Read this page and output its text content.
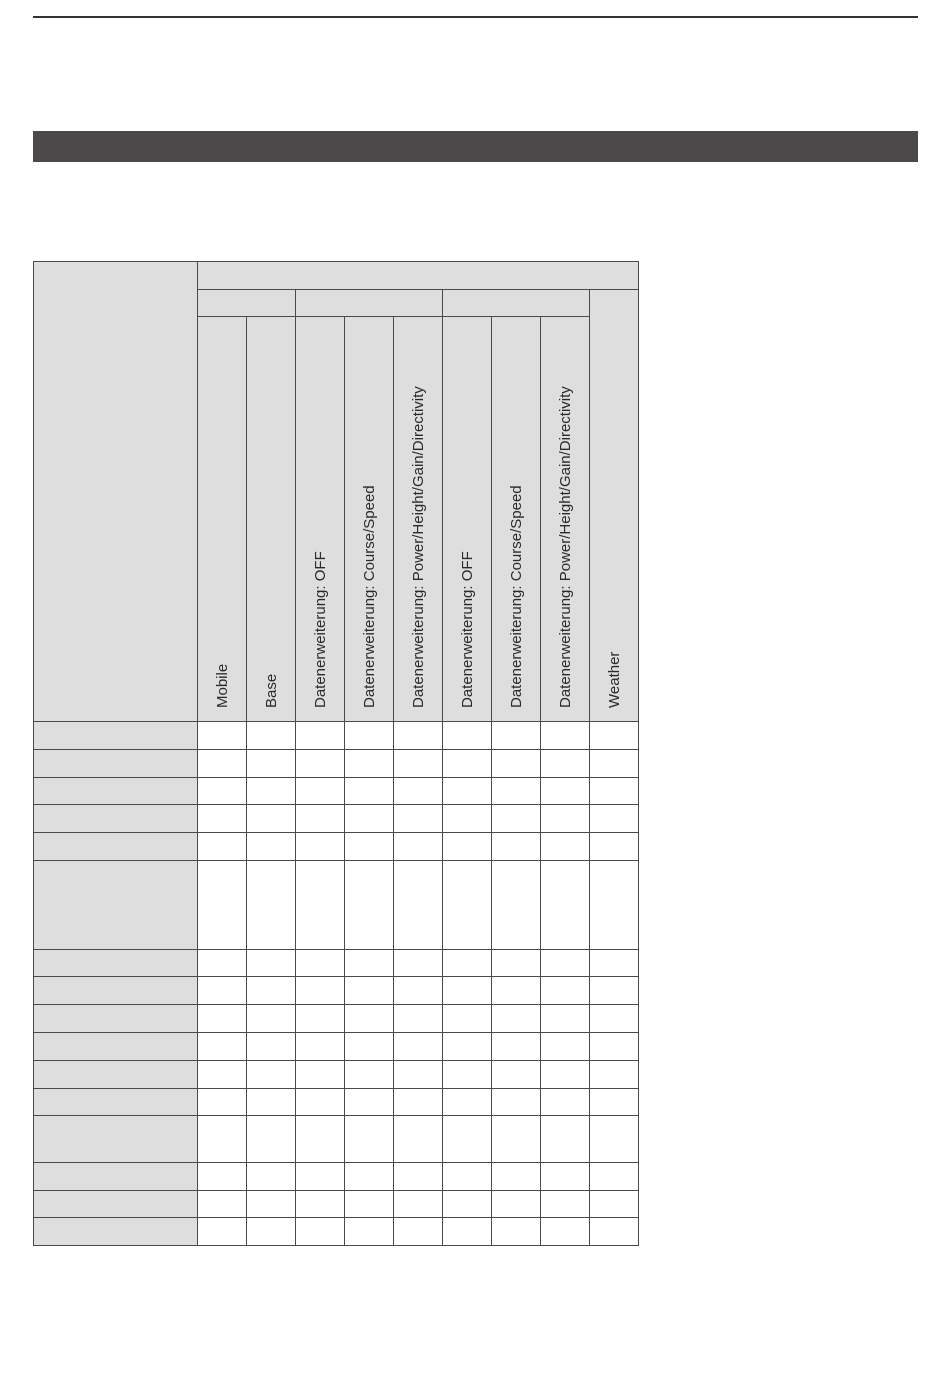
Mobile Base Datenerweiterung: OFF Datenerweiterung: Course/Speed Datenerweiterung: Power/Height/Gain/Directivity Datenerweiterung: OFF Datenerweiterung: Course/Speed Datenerweiterung: Power/Height/Gain/Directivity Weather
